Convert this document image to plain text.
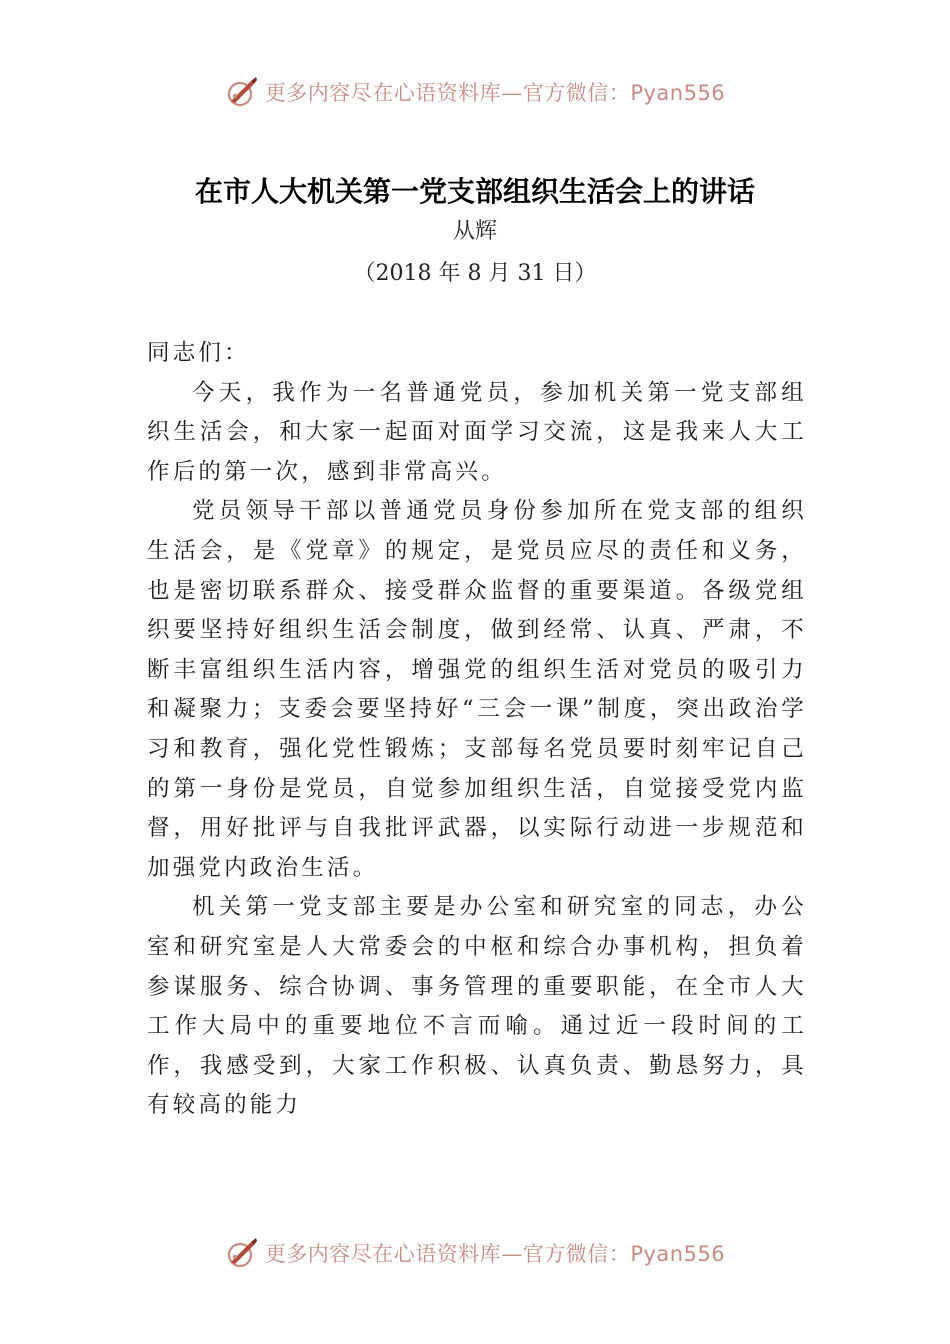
更多内容尽在心语资料库—官方微信：Pyan556
在市人大机关第一党支部组织生活会上的讲话
从辉
（2018 年 8 月 31 日）

同志们：

今天，我作为一名普通党员，参加机关第一党支部组织生活会，和大家一起面对面学习交流，这是我来人大工作后的第一次，感到非常高兴。

党员领导干部以普通党员身份参加所在党支部的组织生活会，是《党章》的规定，是党员应尽的责任和义务，也是密切联系群众、接受群众监督的重要渠道。各级党组织要坚持好组织生活会制度，做到经常、认真、严肃，不断丰富组织生活内容，增强党的组织生活对党员的吸引力和凝聚力；支委会要坚持好“三会一课”制度，突出政治学习和教育，强化党性锻炼；支部每名党员要时刻牢记自己的第一身份是党员，自觉参加组织生活，自觉接受党内监督，用好批评与自我批评武器，以实际行动进一步规范和加强党内政治生活。

机关第一党支部主要是办公室和研究室的同志，办公室和研究室是人大常委会的中枢和综合办事机构，担负着参谋服务、综合协调、事务管理的重要职能，在全市人大工作大局中的重要地位不言而喻。通过近一段时间的工作，我感受到，大家工作积极、认真负责、勤恳努力，具有较高的能力

更多内容尽在心语资料库—官方微信：Pyan556
